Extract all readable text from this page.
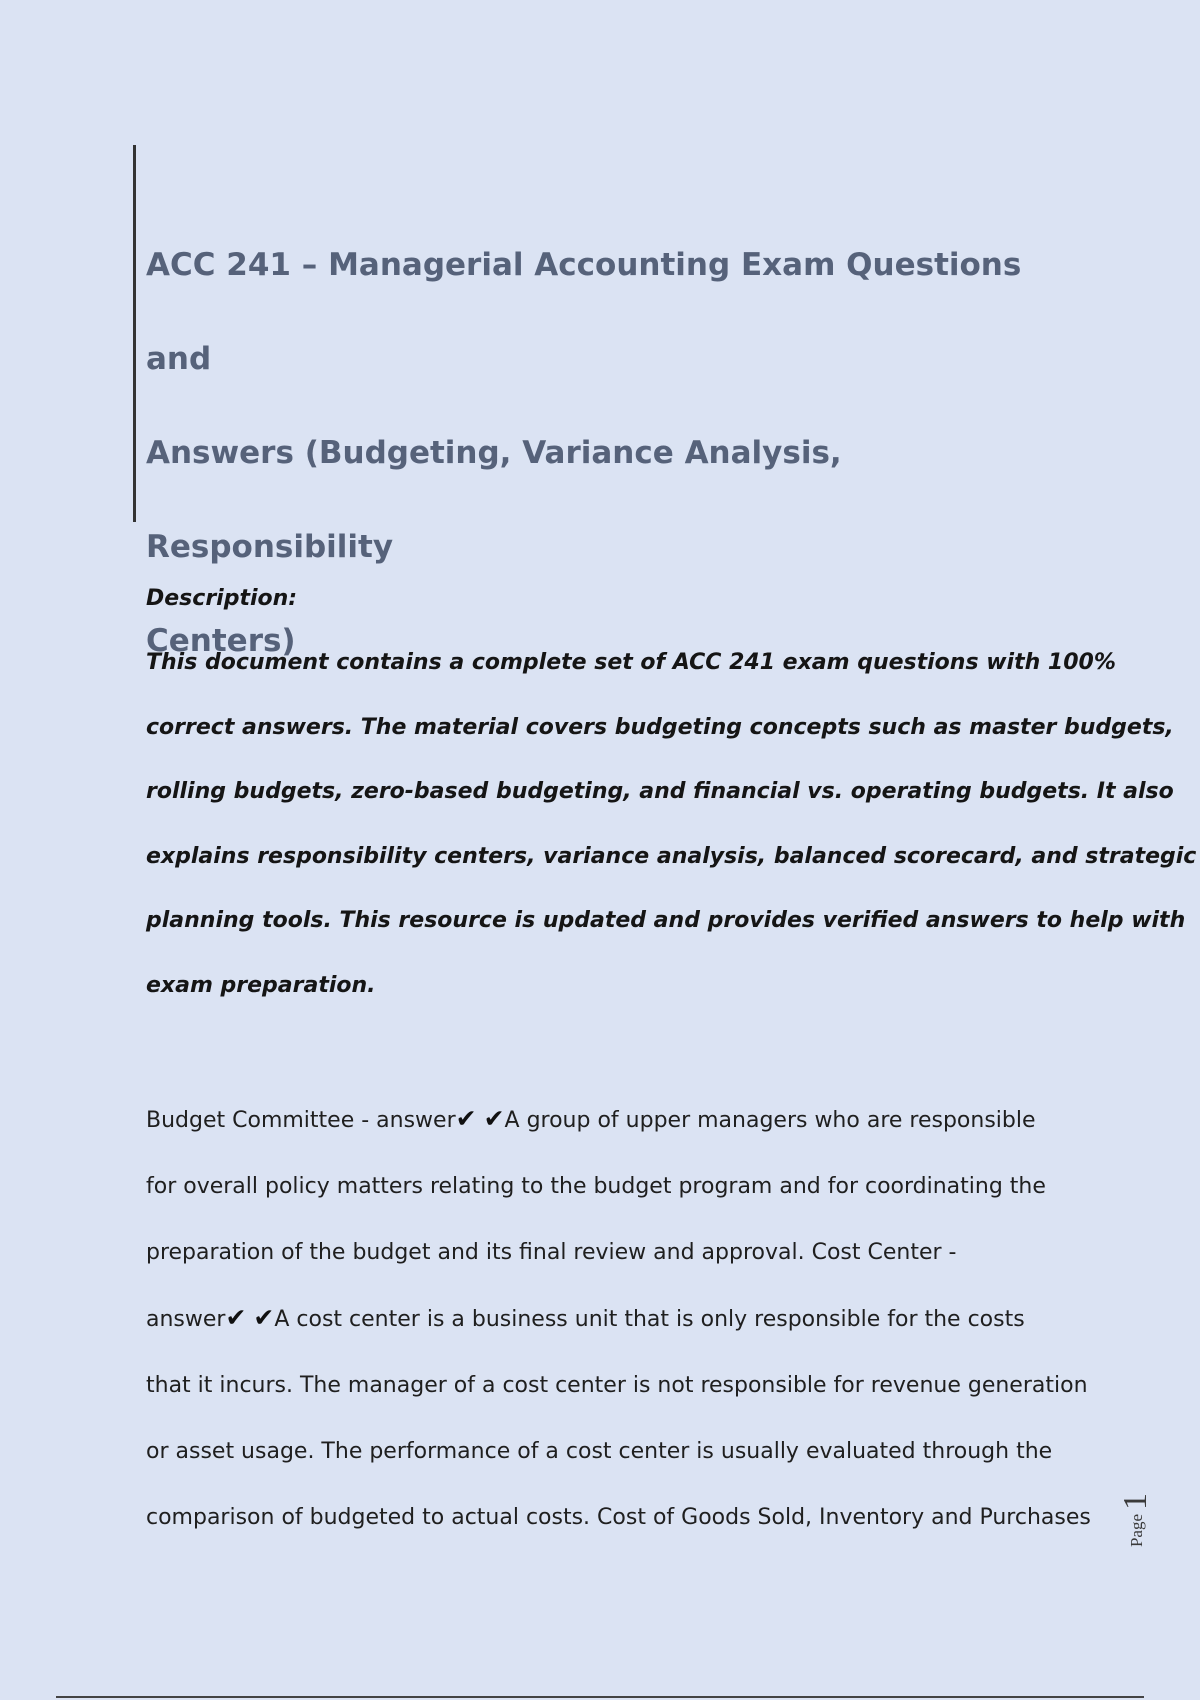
ACC 241 – Managerial Accounting Exam Questions and
Answers (Budgeting, Variance Analysis, Responsibility
Centers)
Description:
This document contains a complete set of ACC 241 exam questions with 100%
correct answers. The material covers budgeting concepts such as master budgets,
rolling budgets, zero-based budgeting, and financial vs. operating budgets. It also
explains responsibility centers, variance analysis, balanced scorecard, and strategic
planning tools. This resource is updated and provides verified answers to help with
exam preparation.
Budget Committee - answer✔ ✔A group of upper managers who are responsible
for overall policy matters relating to the budget program and for coordinating the
preparation of the budget and its final review and approval. Cost Center -
answer✔ ✔A cost center is a business unit that is only responsible for the costs
that it incurs. The manager of a cost center is not responsible for revenue generation
or asset usage. The performance of a cost center is usually evaluated through the
comparison of budgeted to actual costs. Cost of Goods Sold, Inventory and Purchases	Page1
